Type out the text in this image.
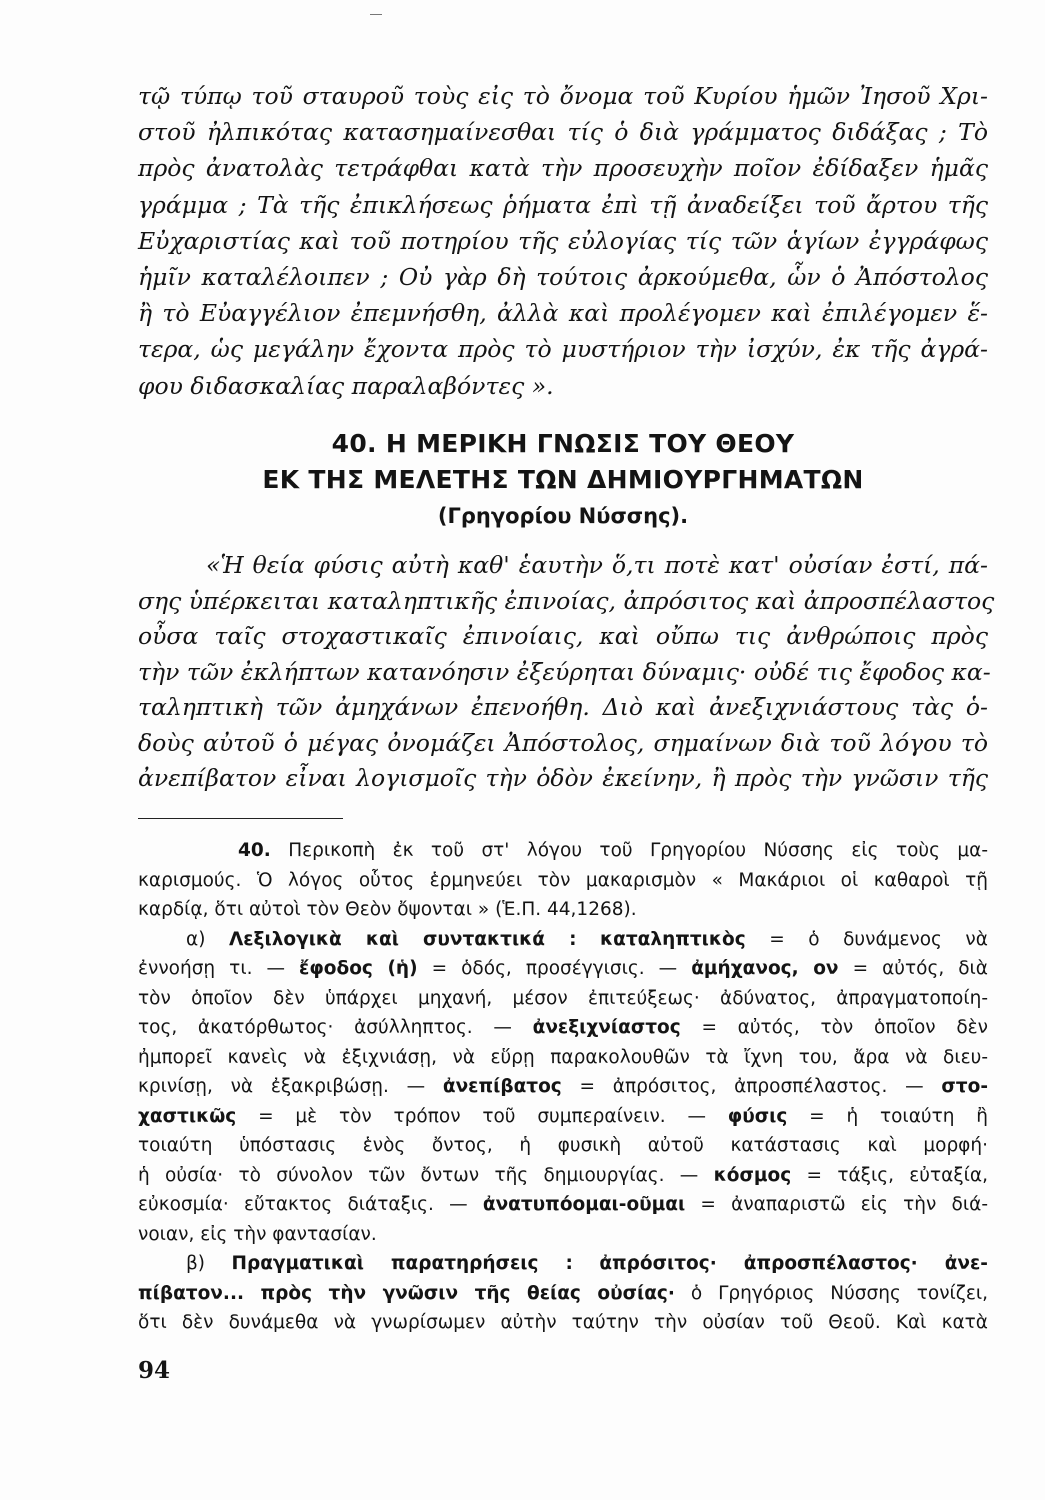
τῷ τύπῳ τοῦ σταυροῦ τοὺς εἰς τὸ ὄνομα τοῦ Κυρίου ἡμῶν Ἰησοῦ Χρι-
στοῦ ἠλπικότας κατασημαίνεσθαι τίς ὁ διὰ γράμματος διδάξας ; Τὸ
πρὸς ἀνατολὰς τετράφθαι κατὰ τὴν προσευχὴν ποῖον ἐδίδαξεν ἡμᾶς
γράμμα ; Τὰ τῆς ἐπικλήσεως ῥήματα ἐπὶ τῇ ἀναδείξει τοῦ ἄρτου τῆς
Εὐχαριστίας καὶ τοῦ ποτηρίου τῆς εὐλογίας τίς τῶν ἁγίων ἐγγράφως
ἡμῖν καταλέλοιπεν ; Οὐ γὰρ δὴ τούτοις ἀρκούμεθα, ὧν ὁ Ἀπόστολος
ἢ τὸ Εὐαγγέλιον ἐπεμνήσθη, ἀλλὰ καὶ προλέγομεν καὶ ἐπιλέγομεν ἕ-
τερα, ὡς μεγάλην ἔχοντα πρὸς τὸ μυστήριον τὴν ἰσχύν, ἐκ τῆς ἀγρά-
φου διδασκαλίας παραλαβόντες ».
40. Η ΜΕΡΙΚΗ ΓΝΩΣΙΣ ΤΟΥ ΘΕΟΥ
ΕΚ ΤΗΣ ΜΕΛΕΤΗΣ ΤΩΝ ΔΗΜΙΟΥΡΓΗΜΑΤΩΝ
(Γρηγορίου Νύσσης).
«Ἡ θεία φύσις αὐτὴ καθ' ἑαυτὴν ὅ,τι ποτὲ κατ' οὐσίαν ἐστί, πά-
σης ὑπέρκειται καταληπτικῆς ἐπινοίας, ἀπρόσιτος καὶ ἀπροσπέλαστος
οὖσα ταῖς στοχαστικαῖς ἐπινοίαις, καὶ οὔπω τις ἀνθρώποις πρὸς
τὴν τῶν ἐκλήπτων κατανόησιν ἐξεύρηται δύναμις· οὐδέ τις ἔφοδος κα-
ταληπτικὴ τῶν ἀμηχάνων ἐπενοήθη. Διὸ καὶ ἀνεξιχνιάστους τὰς ὁ-
δοὺς αὐτοῦ ὁ μέγας ὀνομάζει Ἀπόστολος, σημαίνων διὰ τοῦ λόγου τὸ
ἀνεπίβατον εἶναι λογισμοῖς τὴν ὁδὸν ἐκείνην, ἢ πρὸς τὴν γνῶσιν τῆς
40. Περικοπὴ ἐκ τοῦ στ' λόγου τοῦ Γρηγορίου Νύσσης εἰς τοὺς μα-
καρισμούς. Ὁ λόγος οὗτος ἑρμηνεύει τὸν μακαρισμὸν « Μακάριοι οἱ καθαροὶ τῇ
καρδίᾳ, ὅτι αὐτοὶ τὸν Θεὸν ὄψονται » (Ἑ.Π. 44,1268).
α) Λεξιλογικὰ καὶ συντακτικά : καταληπτικὸς = ὁ δυνάμενος νὰ
ἐννοήσῃ τι. — ἔφοδος (ἡ) = ὁδός, προσέγγισις. — ἀμήχανος, ον = αὐτός, διὰ
τὸν ὁποῖον δὲν ὑπάρχει μηχανή, μέσον ἐπιτεύξεως· ἀδύνατος, ἀπραγματοποίη-
τος, ἀκατόρθωτος· ἀσύλληπτος. — ἀνεξιχνίαστος = αὐτός, τὸν ὁποῖον δὲν
ἠμπορεῖ κανεὶς νὰ ἐξιχνιάσῃ, νὰ εὕρῃ παρακολουθῶν τὰ ἴχνη του, ἄρα νὰ διευ-
κρινίσῃ, νὰ ἐξακριβώσῃ. — ἀνεπίβατος = ἀπρόσιτος, ἀπροσπέλαστος. — στο-
χαστικῶς = μὲ τὸν τρόπον τοῦ συμπεραίνειν. — φύσις = ἡ τοιαύτη ἢ
τοιαύτη ὑπόστασις ἑνὸς ὄντος, ἡ φυσικὴ αὐτοῦ κατάστασις καὶ μορφή·
ἡ οὐσία· τὸ σύνολον τῶν ὄντων τῆς δημιουργίας. — κόσμος = τάξις, εὐταξία,
εὐκοσμία· εὔτακτος διάταξις. — ἀνατυπόομαι-οῦμαι = ἀναπαριστῶ εἰς τὴν διά-
νοιαν, εἰς τὴν φαντασίαν.
β) Πραγματικαὶ παρατηρήσεις : ἀπρόσιτος· ἀπροσπέλαστος· ἀνε-
πίβατον... πρὸς τὴν γνῶσιν τῆς θείας οὐσίας· ὁ Γρηγόριος Νύσσης τονίζει,
ὅτι δὲν δυνάμεθα νὰ γνωρίσωμεν αὐτὴν ταύτην τὴν οὐσίαν τοῦ Θεοῦ. Καὶ κατὰ
94
